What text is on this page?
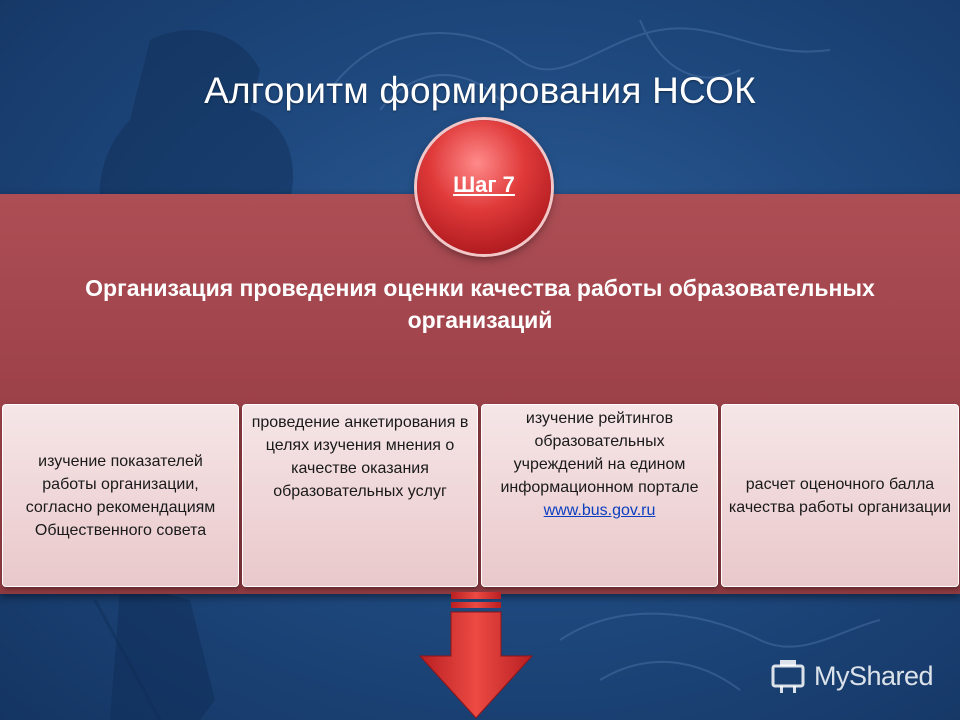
Алгоритм формирования НСОК
Организация проведения оценки качества работы образовательных организаций
Шаг 7
изучение показателей работы организации, согласно рекомендациям Общественного совета
проведение анкетирования в целях изучения мнения о качестве оказания образовательных услуг
изучение рейтингов образовательных учреждений на едином информационном портале
www.bus.gov.ru
расчет оценочного балла качества работы организации
MyShared
